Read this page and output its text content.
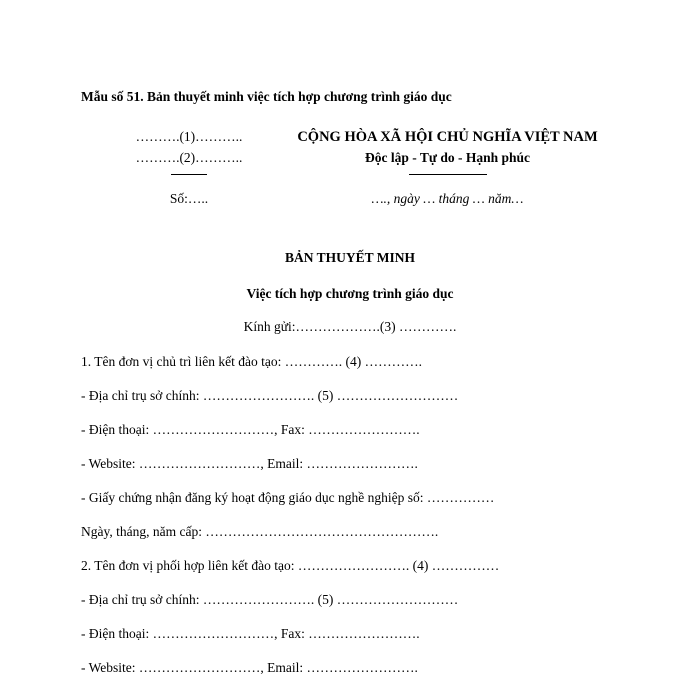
Mẫu số 51. Bản thuyết minh việc tích hợp chương trình giáo dục
……….(1)………..
……….(2)………..
Số:…..
CỘNG HÒA XÃ HỘI CHỦ NGHĨA VIỆT NAM
Độc lập - Tự do - Hạnh phúc
…., ngày … tháng … năm…
BẢN THUYẾT MINH
Việc tích hợp chương trình giáo dục
Kính gửi:……………….(3) ………….
1. Tên đơn vị chủ trì liên kết đào tạo: …………. (4) ………….
- Địa chỉ trụ sở chính: ……………………. (5) ………………………
- Điện thoại: ………………………, Fax: …………………….
- Website: ………………………, Email: …………………….
- Giấy chứng nhận đăng ký hoạt động giáo dục nghề nghiệp số: ……………
Ngày, tháng, năm cấp: …………………………………………….
2. Tên đơn vị phối hợp liên kết đào tạo: ……………………. (4) ……………
- Địa chỉ trụ sở chính: ……………………. (5) ………………………
- Điện thoại: ………………………, Fax: …………………….
- Website: ………………………, Email: …………………….
